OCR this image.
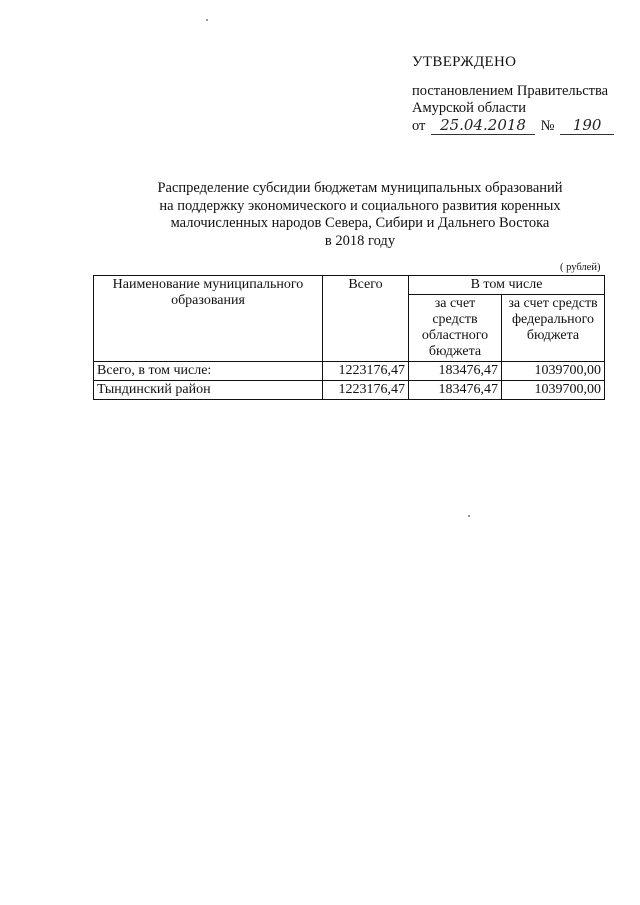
УТВЕРЖДЕНО
постановлением Правительства
Амурской области
от 25.04.2018 № 190
Распределение субсидии бюджетам муниципальных образований
на поддержку экономического и социального развития коренных
малочисленных народов Севера, Сибири и Дальнего Востока
в 2018 году
( рублей)
Наименование муниципального образования	Всего	В том числе	
		за счет средств областного бюджета	за счет средств федерального бюджета
Всего, в том числе:	1223176,47	183476,47	1039700,00
Тындинский район	1223176,47	183476,47	1039700,00
